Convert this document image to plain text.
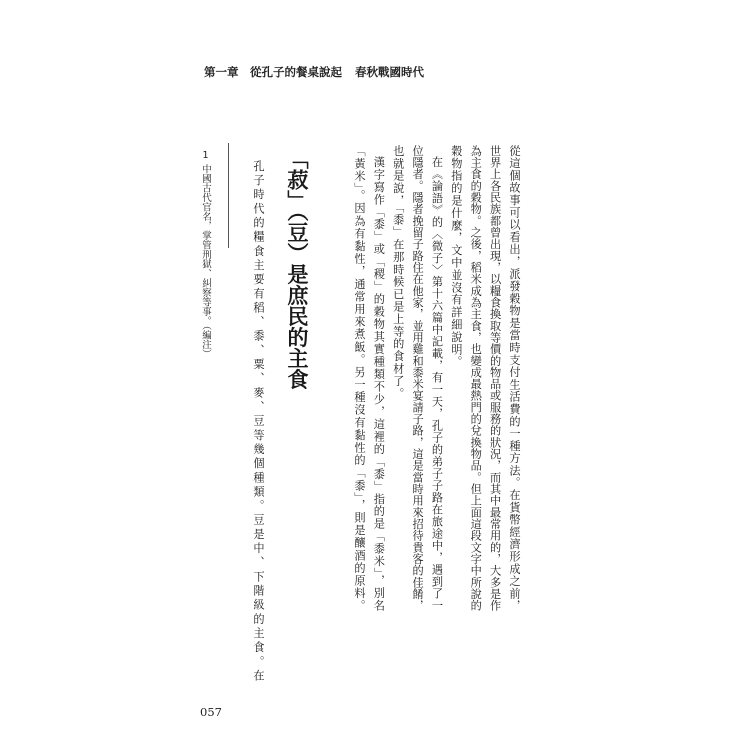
第一章 從孔子的餐桌說起 春秋戰國時代
從這個故事可以看出，派發穀物是當時支付生活費的一種方法。在貨幣經濟形成之前，
世界上各民族都曾出現，以糧食換取等價的物品或服務的狀況，而其中最常用的，大多是作
為主食的穀物。之後，稻米成為主食，也變成最熱門的兌換物品。但上面這段文字中所說的
穀物指的是什麼，文中並沒有詳細說明。
在《論語》的〈微子〉第十六篇中記載，有一天，孔子的弟子子路在旅途中，遇到了一
位隱者。隱者挽留子路住在他家，並用雞和黍米宴請子路，這是當時用來招待貴客的佳餚，
也就是說，「黍」在那時候已是上等的食材了。
漢字寫作「黍」或「稷」的穀物其實種類不少，這裡的「黍」指的是「黍米」，別名
「黃米」。因為有黏性，通常用來煮飯。另一種沒有黏性的「黍」，則是釀酒的原料。
「菽」（豆）是庶民的主食
孔子時代的糧食主要有稻、黍、粟、麥、豆等幾個種類。豆是中、下階級的主食。在
1中國古代官名，掌管刑獄、糾察等事。（編注）
057
